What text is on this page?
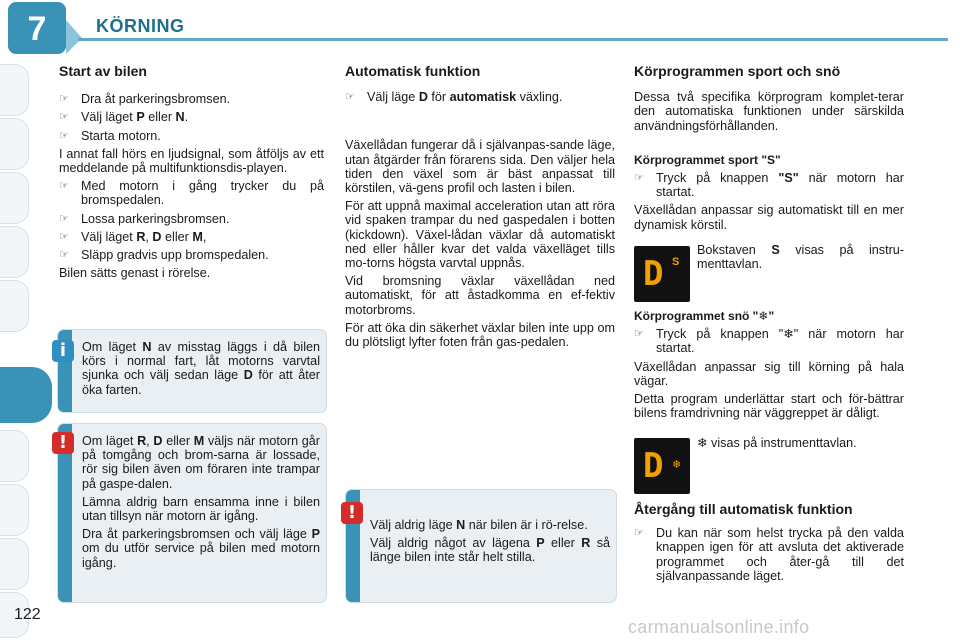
7	KÖRNING
Start av bilen
☞ Dra åt parkeringsbromsen.
☞ Välj läget P eller N.
☞ Starta motorn.
I annat fall hörs en ljudsignal, som åtföljs av ett meddelande på multifunktionsdis-playen.
☞ Med motorn i gång trycker du på bromspedalen.
☞ Lossa parkeringsbromsen.
☞ Välj läget R, D eller M,
☞ Släpp gradvis upp bromspedalen.
Bilen sätts genast i rörelse.
Om läget N av misstag läggs i då bilen körs i normal fart, låt motorns varvtal sjunka och välj sedan läge D för att åter öka farten.
i
Om läget R, D eller M väljs när motorn går på tomgång och brom-sarna är lossade, rör sig bilen även om föraren inte trampar på gaspe-dalen.
Lämna aldrig barn ensamma inne i bilen utan tillsyn när motorn är igång.
Dra åt parkeringsbromsen och välj läge P om du utför service på bilen med motorn igång.
!
Automatisk funktion
☞ Välj läge D för automatisk växling.
Växellådan fungerar då i självanpas-sande läge, utan åtgärder från förarens sida. Den väljer hela tiden den växel som är bäst anpassat till körstilen, vä-gens profil och lasten i bilen.
För att uppnå maximal acceleration utan att röra vid spaken trampar du ned gaspedalen i botten (kickdown). Växel-lådan växlar då automatiskt ned eller håller kvar det valda växelläget tills mo-torns högsta varvtal uppnås.
Vid bromsning växlar växellådan ned automatiskt, för att åstadkomma en ef-fektiv motorbroms.
För att öka din säkerhet växlar bilen inte upp om du plötsligt lyfter foten från gas-pedalen.
Välj aldrig läge N när bilen är i rö-relse.
Välj aldrig något av lägena P eller R så länge bilen inte står helt stilla.
!
Körprogrammen sport och snö
Dessa två specifika körprogram komplet-terar den automatiska funktionen under särskilda användningsförhållanden.
Körprogrammet sport "S"
☞ Tryck på knappen "S" när motorn har startat.
Växellådan anpassar sig automatiskt till en mer dynamisk körstil.
D S
Bokstaven S visas på instru-menttavlan.
Körprogrammet snö "❄"
☞ Tryck på knappen "❄" när motorn har startat.
Växellådan anpassar sig till körning på hala vägar.
Detta program underlättar start och för-bättrar bilens framdrivning när väggreppet är dåligt.
D ❄
❄ visas på instrumenttavlan.
Återgång till automatisk funktion
☞ Du kan när som helst trycka på den valda knappen igen för att avsluta det aktiverade programmet och åter-gå till det självanpassande läget.
122
carmanualsonline.info
